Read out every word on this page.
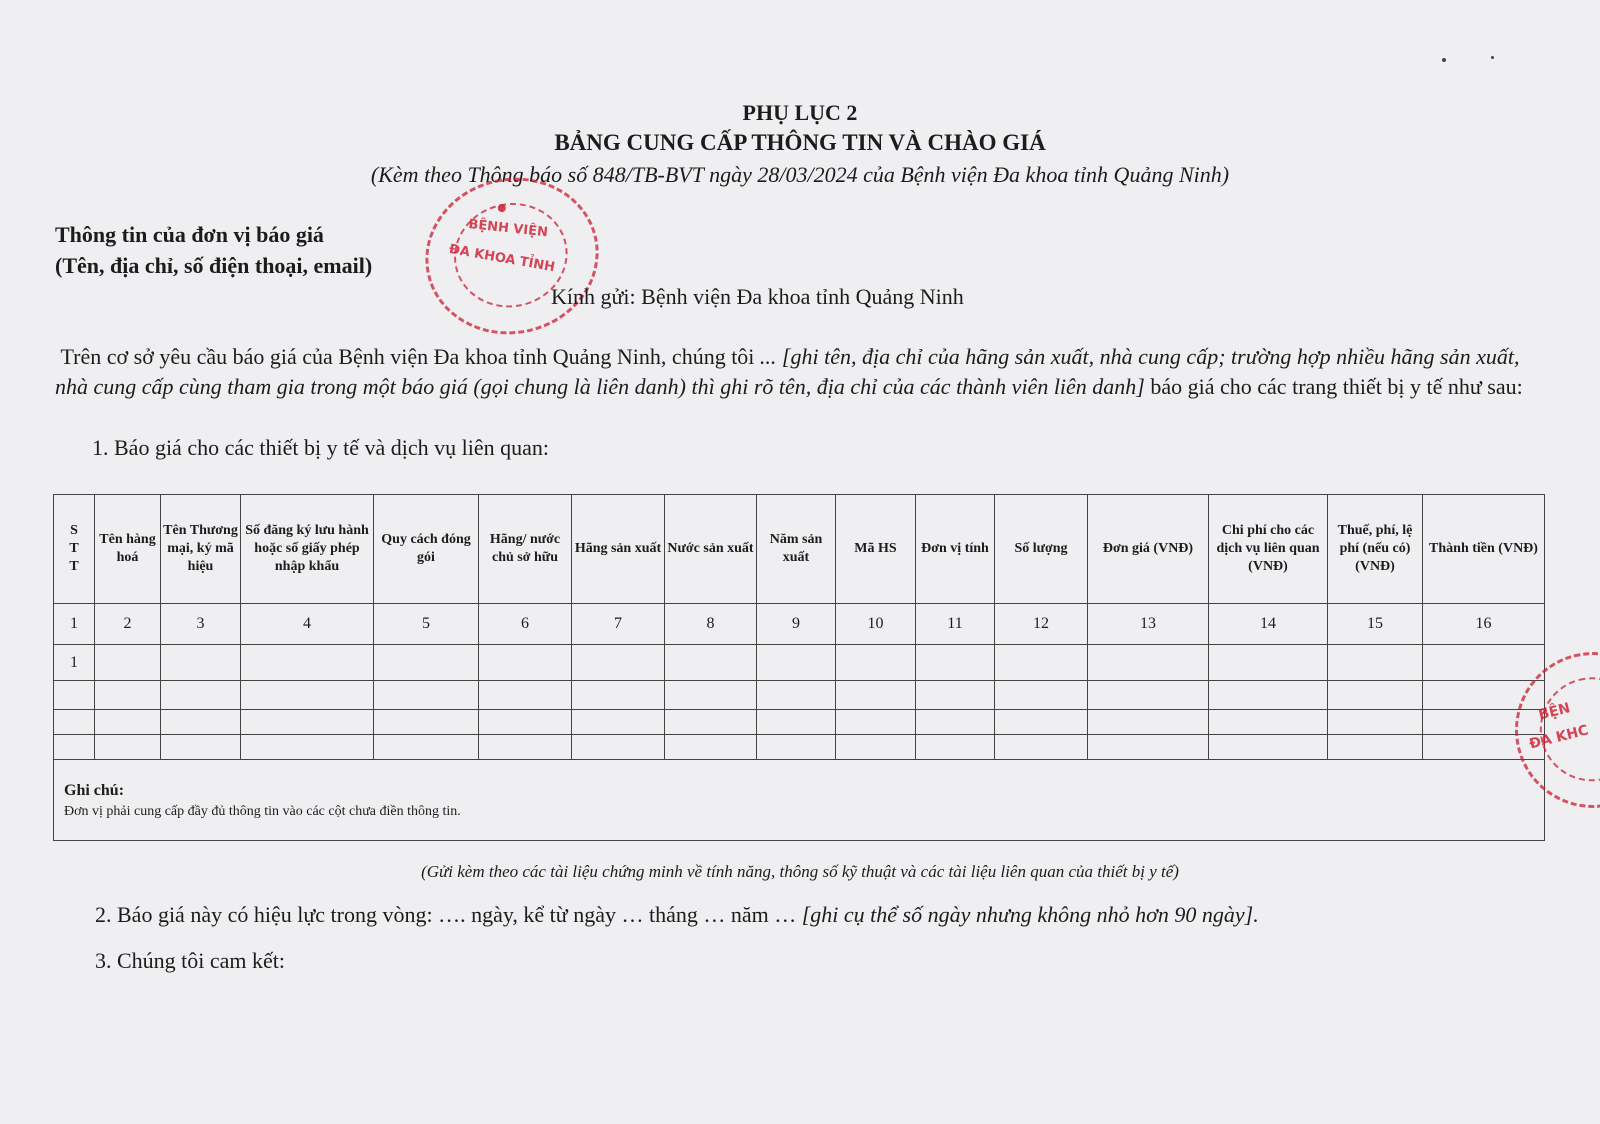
PHỤ LỤC 2
BẢNG CUNG CẤP THÔNG TIN VÀ CHÀO GIÁ
(Kèm theo Thông báo số 848/TB-BVT ngày 28/03/2024 của Bệnh viện Đa khoa tỉnh Quảng Ninh)
Thông tin của đơn vị báo giá
(Tên, địa chỉ, số điện thoại, email)
BỆNH VIỆN
ĐA KHOA TỈNH
Kính gửi: Bệnh viện Đa khoa tỉnh Quảng Ninh
Trên cơ sở yêu cầu báo giá của Bệnh viện Đa khoa tỉnh Quảng Ninh, chúng tôi ... [ghi tên, địa chỉ của hãng sản xuất, nhà cung cấp; trường hợp nhiều hãng sản xuất, nhà cung cấp cùng tham gia trong một báo giá (gọi chung là liên danh) thì ghi rõ tên, địa chỉ của các thành viên liên danh] báo giá cho các trang thiết bị y tế như sau:
1. Báo giá cho các thiết bị y tế và dịch vụ liên quan:
S T T	Tên hàng hoá	Tên Thương mại, ký mã hiệu	Số đăng ký lưu hành hoặc số giấy phép nhập khẩu	Quy cách đóng gói	Hãng/ nước chủ sở hữu	Hãng sản xuất	Nước sản xuất	Năm sản xuất	Mã HS	Đơn vị tính	Số lượng	Đơn giá (VNĐ)	Chi phí cho các dịch vụ liên quan (VNĐ)	Thuế, phí, lệ phí (nếu có) (VNĐ)	Thành tiền (VNĐ)
1	2	3	4	5	6	7	8	9	10	11	12	13	14	15	16
1															

Ghi chú:
Đơn vị phải cung cấp đầy đủ thông tin vào các cột chưa điền thông tin.															
BỆN
ĐA KHC
(Gửi kèm theo các tài liệu chứng minh về tính năng, thông số kỹ thuật và các tài liệu liên quan của thiết bị y tế)
2. Báo giá này có hiệu lực trong vòng: …. ngày, kể từ ngày … tháng … năm … [ghi cụ thể số ngày nhưng không nhỏ hơn 90 ngày].
3. Chúng tôi cam kết:
